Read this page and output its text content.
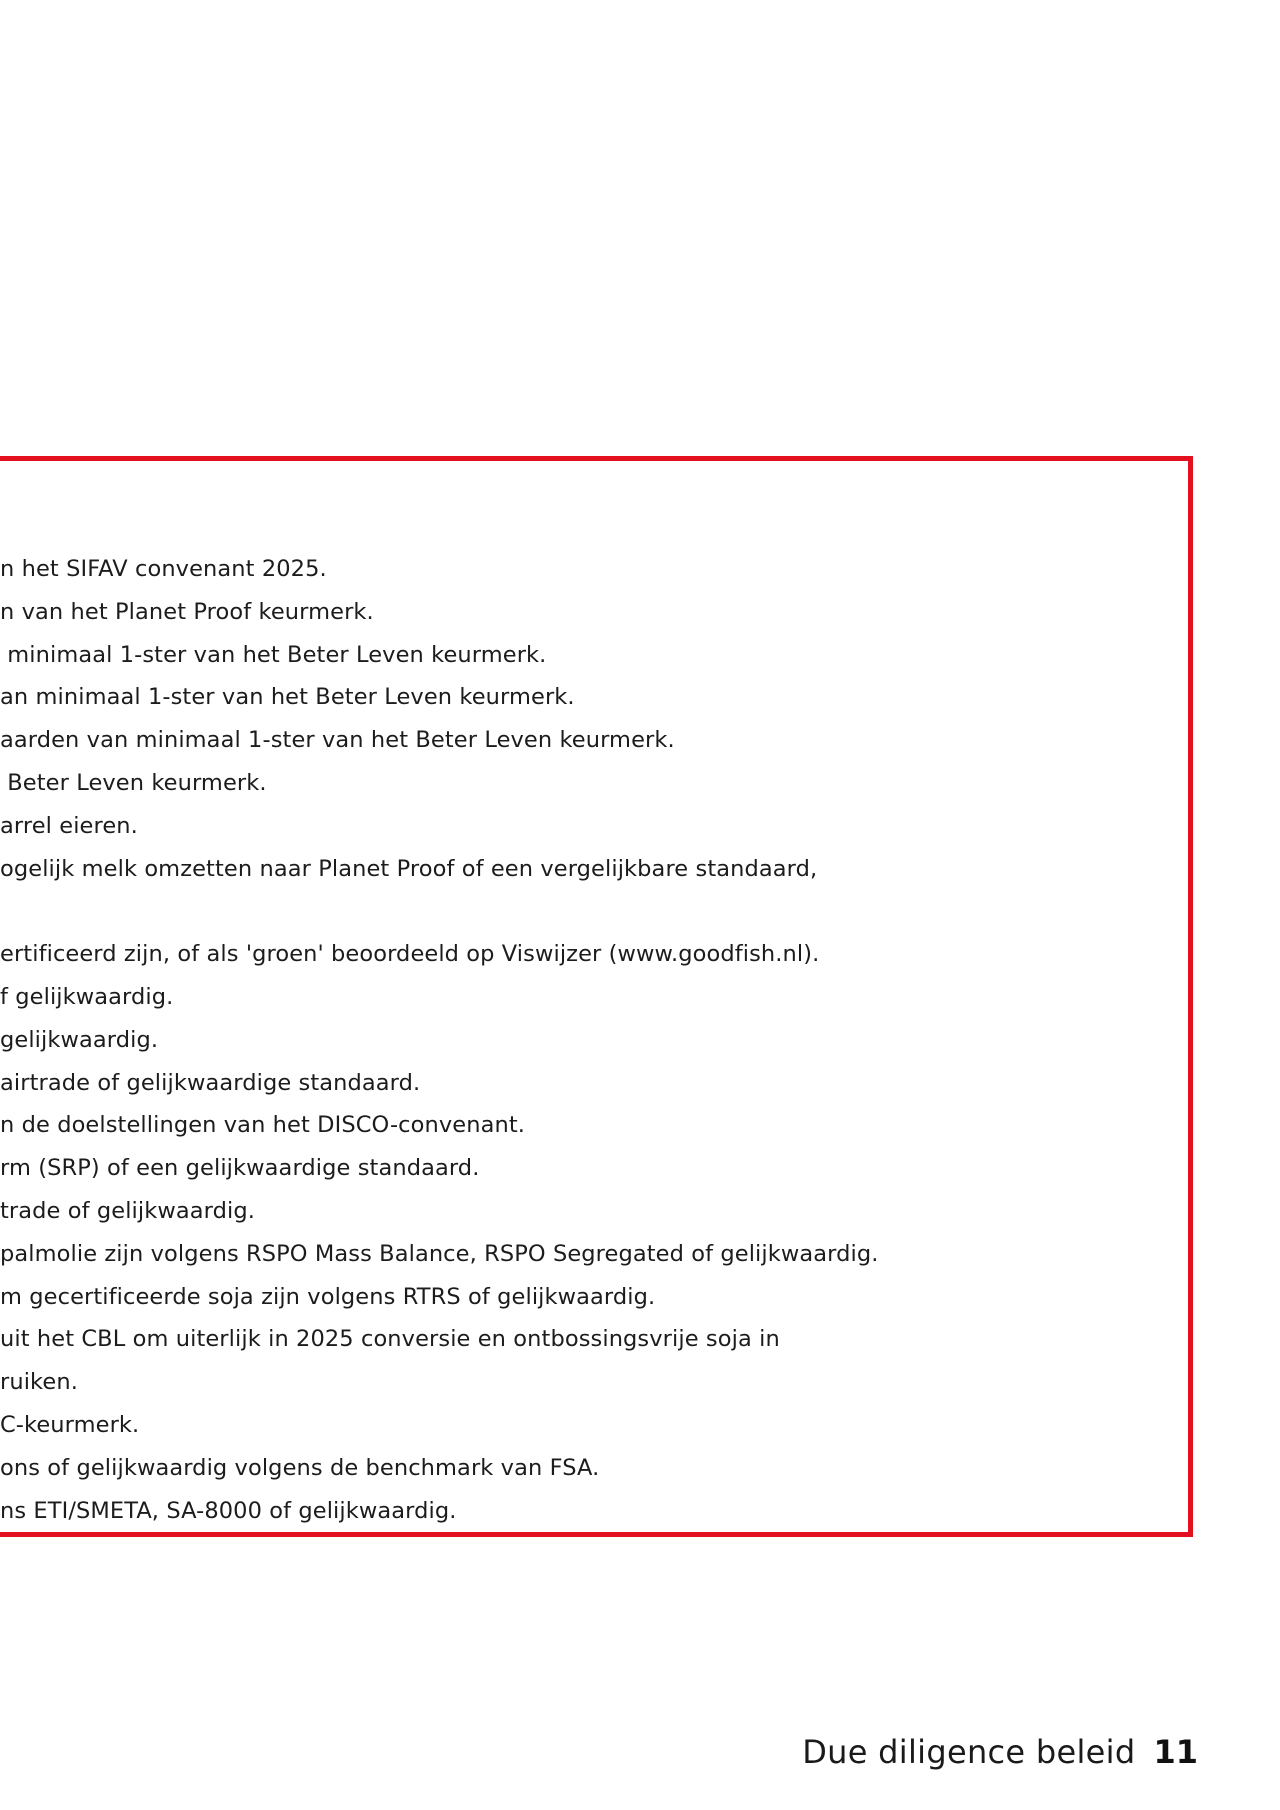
n het SIFAV convenant 2025.
n van het Planet Proof keurmerk.
minimaal 1-ster van het Beter Leven keurmerk.
an minimaal 1-ster van het Beter Leven keurmerk.
aarden van minimaal 1-ster van het Beter Leven keurmerk.
Beter Leven keurmerk.
arrel eieren.
ogelijk melk omzetten naar Planet Proof of een vergelijkbare standaard,
ertificeerd zijn, of als 'groen' beoordeeld op Viswijzer (www.goodfish.nl).
f gelijkwaardig.
gelijkwaardig.
airtrade of gelijkwaardige standaard.
n de doelstellingen van het DISCO-convenant.
rm (SRP) of een gelijkwaardige standaard.
trade of gelijkwaardig.
palmolie zijn volgens RSPO Mass Balance, RSPO Segregated of gelijkwaardig.
m gecertificeerde soja zijn volgens RTRS of gelijkwaardig.
uit het CBL om uiterlijk in 2025 conversie en ontbossingsvrije soja in
ruiken.
C-keurmerk.
ons of gelijkwaardig volgens de benchmark van FSA.
ns ETI/SMETA, SA-8000 of gelijkwaardig.
Due diligence beleid 11
